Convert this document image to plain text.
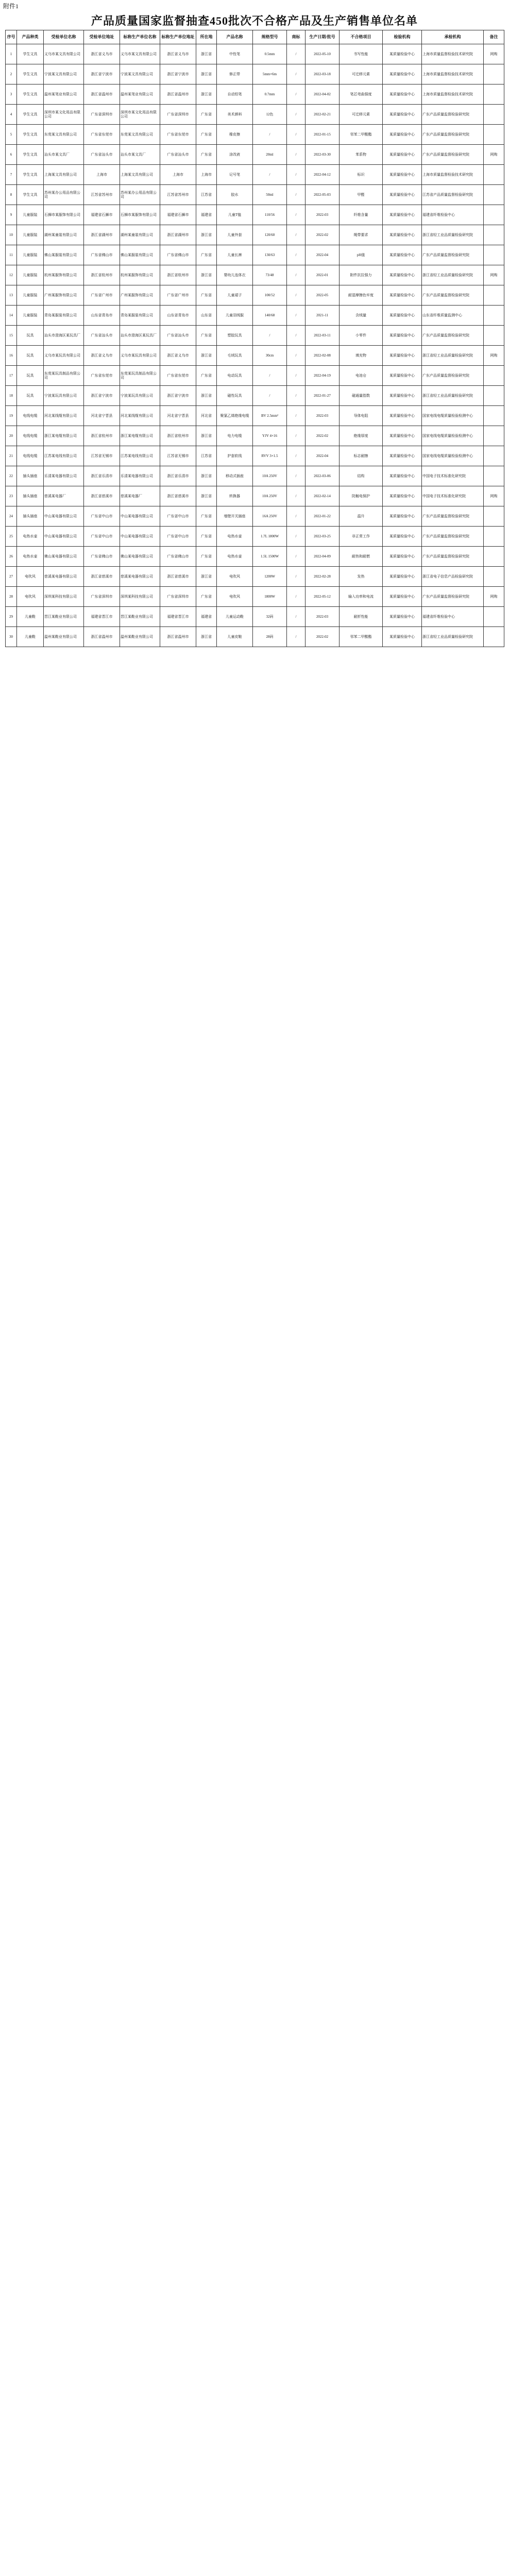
附件1
产品质量国家监督抽查450批次不合格产品及生产销售单位名单
序号	产品种类	受检单位名称	受检单位地址	标称生产单位名称	标称生产单位地址	所在地	产品名称	规格型号	商标	生产日期/批号	不合格项目	检验机构	承检机构	备注
1	学生文具	义乌市某文具有限公司	浙江省义乌市	义乌市某文具有限公司	浙江省义乌市	浙江省	中性笔	0.5mm	/	2022-05-10	书写性能	某质量检验中心	上海市质量监督检验技术研究院	网购
2	学生文具	宁波某文具有限公司	浙江省宁波市	宁波某文具有限公司	浙江省宁波市	浙江省	修正带	5mm×6m	/	2022-03-18	可迁移元素	某质量检验中心	上海市质量监督检验技术研究院	
3	学生文具	温州某笔业有限公司	浙江省温州市	温州某笔业有限公司	浙江省温州市	浙江省	自动铅笔	0.7mm	/	2022-04-02	笔芯弯曲强度	某质量检验中心	上海市质量监督检验技术研究院	
4	学生文具	深圳市某文化用品有限公司	广东省深圳市	深圳市某文化用品有限公司	广东省深圳市	广东省	美术颜料	12色	/	2022-02-21	可迁移元素	某质量检验中心	广东产品质量监督检验研究院	
5	学生文具	东莞某文具有限公司	广东省东莞市	东莞某文具有限公司	广东省东莞市	广东省	橡皮擦	/	/	2022-01-15	邻苯二甲酸酯	某质量检验中心	广东产品质量监督检验研究院	
6	学生文具	汕头市某文具厂	广东省汕头市	汕头市某文具厂	广东省汕头市	广东省	涂改液	20ml	/	2022-03-30	苯系物	某质量检验中心	广东产品质量监督检验研究院	网购
7	学生文具	上海某文具有限公司	上海市	上海某文具有限公司	上海市	上海市	记号笔	/	/	2022-04-12	标识	某质量检验中心	上海市质量监督检验技术研究院	
8	学生文具	苏州某办公用品有限公司	江苏省苏州市	苏州某办公用品有限公司	江苏省苏州市	江苏省	胶水	50ml	/	2022-05-03	甲醛	某质量检验中心	江苏省产品质量监督检验研究院	
9	儿童服装	石狮市某服饰有限公司	福建省石狮市	石狮市某服饰有限公司	福建省石狮市	福建省	儿童T恤	110/56	/	2022-03	纤维含量	某质量检验中心	福建省纤维检验中心	
10	儿童服装	湖州某童装有限公司	浙江省湖州市	湖州某童装有限公司	浙江省湖州市	浙江省	儿童外套	120/60	/	2022-02	绳带要求	某质量检验中心	浙江省轻工业品质量检验研究院	
11	儿童服装	佛山某服装有限公司	广东省佛山市	佛山某服装有限公司	广东省佛山市	广东省	儿童长裤	130/63	/	2022-04	pH值	某质量检验中心	广东产品质量监督检验研究院	
12	儿童服装	杭州某服饰有限公司	浙江省杭州市	杭州某服饰有限公司	浙江省杭州市	浙江省	婴幼儿连体衣	73/48	/	2022-01	附件抗拉强力	某质量检验中心	浙江省轻工业品质量检验研究院	网购
13	儿童服装	广州某服饰有限公司	广东省广州市	广州某服饰有限公司	广东省广州市	广东省	儿童裙子	100/52	/	2022-05	耐湿摩擦色牢度	某质量检验中心	广东产品质量监督检验研究院	
14	儿童服装	青岛某服装有限公司	山东省青岛市	青岛某服装有限公司	山东省青岛市	山东省	儿童羽绒服	140/68	/	2021-11	含绒量	某质量检验中心	山东省纤维质量监测中心	
15	玩具	汕头市澄海区某玩具厂	广东省汕头市	汕头市澄海区某玩具厂	广东省汕头市	广东省	塑胶玩具	/	/	2022-03-11	小零件	某质量检验中心	广东产品质量监督检验研究院	
16	玩具	义乌市某玩具有限公司	浙江省义乌市	义乌市某玩具有限公司	浙江省义乌市	浙江省	毛绒玩具	30cm	/	2022-02-08	填充物	某质量检验中心	浙江省轻工业品质量检验研究院	网购
17	玩具	东莞某玩具制品有限公司	广东省东莞市	东莞某玩具制品有限公司	广东省东莞市	广东省	电动玩具	/	/	2022-04-19	电池仓	某质量检验中心	广东产品质量监督检验研究院	
18	玩具	宁波某玩具有限公司	浙江省宁波市	宁波某玩具有限公司	浙江省宁波市	浙江省	磁性玩具	/	/	2022-01-27	磁通量指数	某质量检验中心	浙江省轻工业品质量检验研究院	
19	电线电缆	河北某线缆有限公司	河北省宁晋县	河北某线缆有限公司	河北省宁晋县	河北省	聚氯乙烯绝缘电缆	BV 2.5mm²	/	2022-03	导体电阻	某质量检验中心	国家电线电缆质量检验检测中心	
20	电线电缆	浙江某电缆有限公司	浙江省杭州市	浙江某电缆有限公司	浙江省杭州市	浙江省	电力电缆	YJV 4×16	/	2022-02	绝缘厚度	某质量检验中心	国家电线电缆质量检验检测中心	
21	电线电缆	江苏某电线有限公司	江苏省无锡市	江苏某电线有限公司	江苏省无锡市	江苏省	护套软线	RVV 3×1.5	/	2022-04	标志耐擦	某质量检验中心	国家电线电缆质量检验检测中心	
22	插头插座	乐清某电器有限公司	浙江省乐清市	乐清某电器有限公司	浙江省乐清市	浙江省	移动式插座	10A 250V	/	2022-03-06	结构	某质量检验中心	中国电子技术标准化研究院	
23	插头插座	慈溪某电器厂	浙江省慈溪市	慈溪某电器厂	浙江省慈溪市	浙江省	转换器	10A 250V	/	2022-02-14	防触电保护	某质量检验中心	中国电子技术标准化研究院	网购
24	插头插座	中山某电器有限公司	广东省中山市	中山某电器有限公司	广东省中山市	广东省	墙壁开关插座	16A 250V	/	2022-01-22	温升	某质量检验中心	广东产品质量监督检验研究院	
25	电热水壶	中山某电器有限公司	广东省中山市	中山某电器有限公司	广东省中山市	广东省	电热水壶	1.7L 1800W	/	2022-03-25	非正常工作	某质量检验中心	广东产品质量监督检验研究院	
26	电热水壶	佛山某电器有限公司	广东省佛山市	佛山某电器有限公司	广东省佛山市	广东省	电热水壶	1.5L 1500W	/	2022-04-09	耐热和耐燃	某质量检验中心	广东产品质量监督检验研究院	
27	电吹风	慈溪某电器有限公司	浙江省慈溪市	慈溪某电器有限公司	浙江省慈溪市	浙江省	电吹风	1200W	/	2022-02-28	发热	某质量检验中心	浙江省电子信息产品检验研究院	
28	电吹风	深圳某科技有限公司	广东省深圳市	深圳某科技有限公司	广东省深圳市	广东省	电吹风	1800W	/	2022-05-12	输入功率和电流	某质量检验中心	广东产品质量监督检验研究院	网购
29	儿童鞋	晋江某鞋业有限公司	福建省晋江市	晋江某鞋业有限公司	福建省晋江市	福建省	儿童运动鞋	32码	/	2022-03	耐折性能	某质量检验中心	福建省纤维检验中心	
30	儿童鞋	温州某鞋业有限公司	浙江省温州市	温州某鞋业有限公司	浙江省温州市	浙江省	儿童皮鞋	28码	/	2022-02	邻苯二甲酸酯	某质量检验中心	浙江省轻工业品质量检验研究院	
